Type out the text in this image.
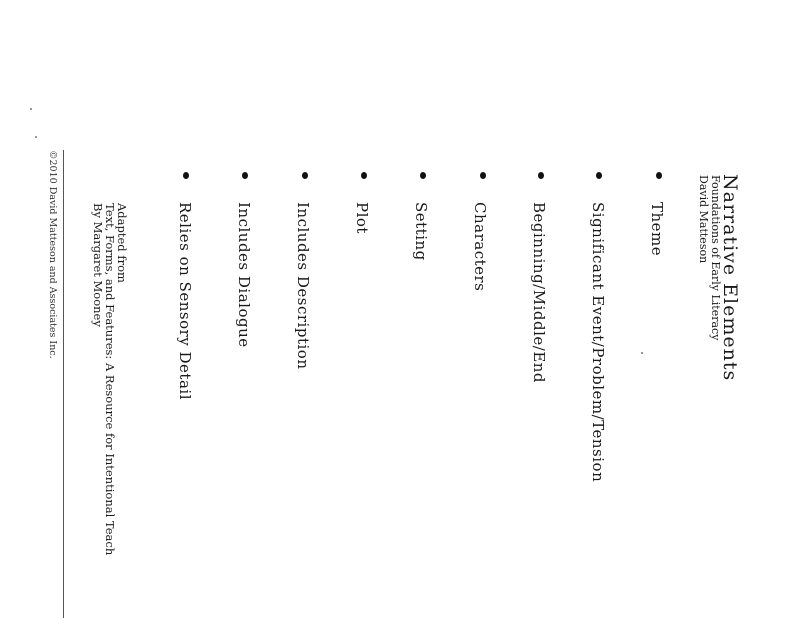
Narrative Elements
Foundations of Early Literacy
David Matteson
Theme
Significant Event/Problem/Tension
Beginning/Middle/End
Characters
Setting
Plot
Includes Description
Includes Dialogue
Relies on Sensory Detail
Adapted from
Text, Forms, and Features: A Resource for Intentional Teach
By Margaret Mooney
©2010 David Matteson and Associates Inc.
